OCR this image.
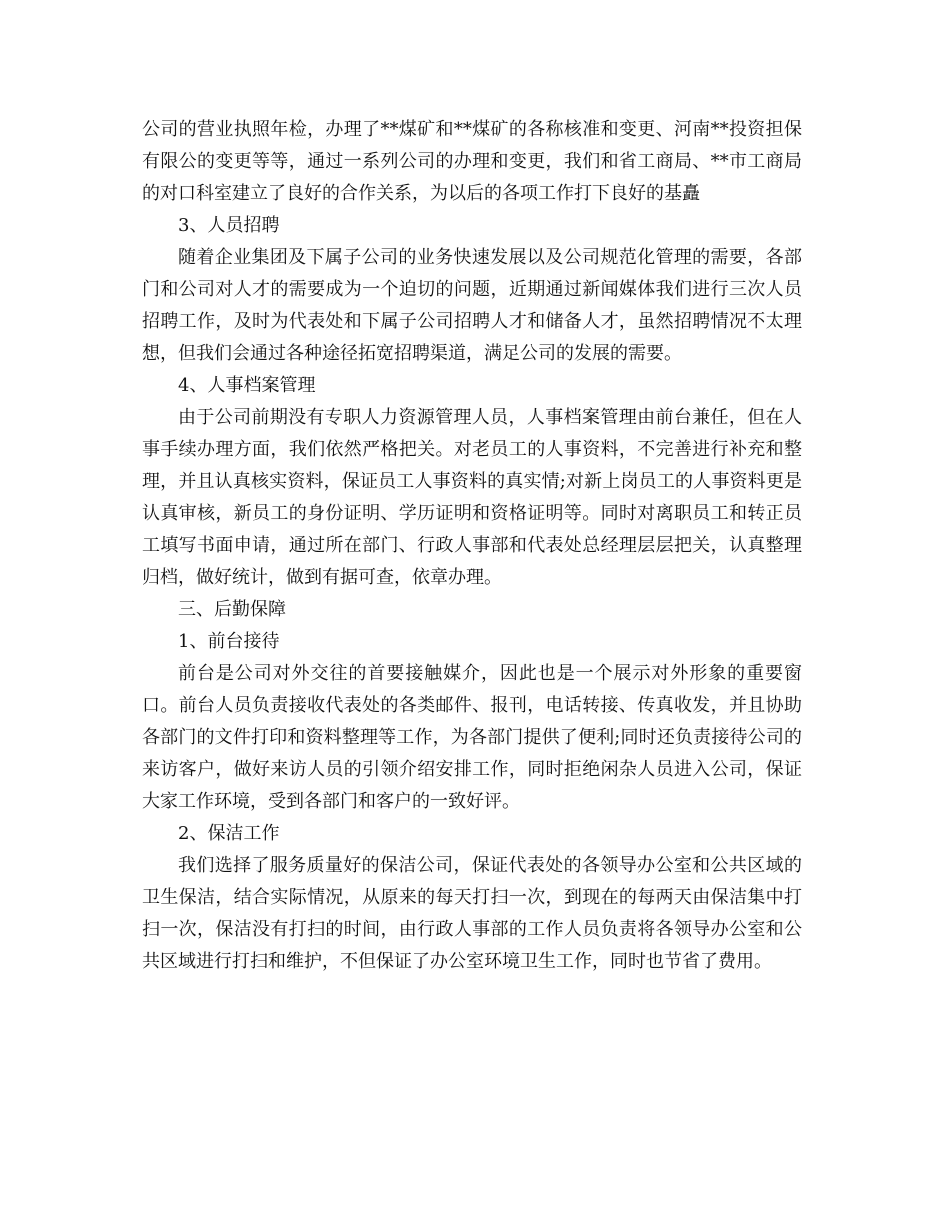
公司的营业执照年检，办理了**煤矿和**煤矿的各称核准和变更、河南**投资担保有限公的变更等等，通过一系列公司的办理和变更，我们和省工商局、**市工商局的对口科室建立了良好的合作关系，为以后的各项工作打下良好的基矗

3、人员招聘

随着企业集团及下属子公司的业务快速发展以及公司规范化管理的需要，各部门和公司对人才的需要成为一个迫切的问题，近期通过新闻媒体我们进行三次人员招聘工作，及时为代表处和下属子公司招聘人才和储备人才，虽然招聘情况不太理想，但我们会通过各种途径拓宽招聘渠道，满足公司的发展的需要。

4、人事档案管理

由于公司前期没有专职人力资源管理人员，人事档案管理由前台兼任，但在人事手续办理方面，我们依然严格把关。对老员工的人事资料，不完善进行补充和整理，并且认真核实资料，保证员工人事资料的真实情;对新上岗员工的人事资料更是认真审核，新员工的身份证明、学历证明和资格证明等。同时对离职员工和转正员工填写书面申请，通过所在部门、行政人事部和代表处总经理层层把关，认真整理归档，做好统计，做到有据可查，依章办理。

三、后勤保障

1、前台接待

前台是公司对外交往的首要接触媒介，因此也是一个展示对外形象的重要窗口。前台人员负责接收代表处的各类邮件、报刊，电话转接、传真收发，并且协助各部门的文件打印和资料整理等工作，为各部门提供了便利;同时还负责接待公司的来访客户，做好来访人员的引领介绍安排工作，同时拒绝闲杂人员进入公司，保证大家工作环境，受到各部门和客户的一致好评。

2、保洁工作

我们选择了服务质量好的保洁公司，保证代表处的各领导办公室和公共区域的卫生保洁，结合实际情况，从原来的每天打扫一次，到现在的每两天由保洁集中打扫一次，保洁没有打扫的时间，由行政人事部的工作人员负责将各领导办公室和公共区域进行打扫和维护，不但保证了办公室环境卫生工作，同时也节省了费用。
